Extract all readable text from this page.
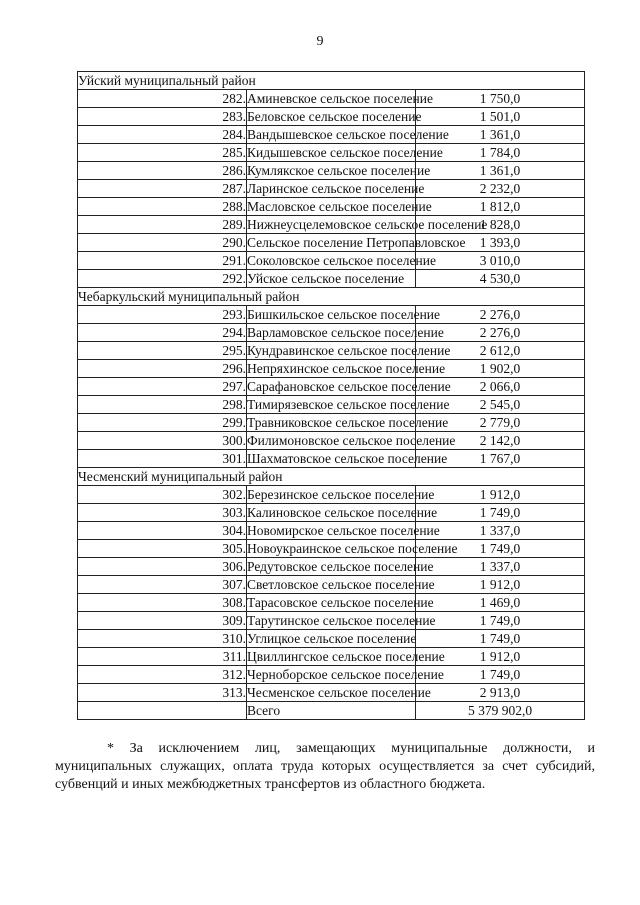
9
Уйский муниципальный район		
282.	Аминевское сельское поселение	1 750,0
283.	Беловское сельское поселение	1 501,0
284.	Вандышевское сельское поселение	1 361,0
285.	Кидышевское сельское поселение	1 784,0
286.	Кумлякское сельское поселение	1 361,0
287.	Ларинское сельское поселение	2 232,0
288.	Масловское сельское поселение	1 812,0
289.	Нижнеусцелемовское сельское поселение	1 828,0
290.	Сельское поселение Петропавловское	1 393,0
291.	Соколовское сельское поселение	3 010,0
292.	Уйское сельское поселение	4 530,0
Чебаркульский муниципальный район		
293.	Бишкильское сельское поселение	2 276,0
294.	Варламовское сельское поселение	2 276,0
295.	Кундравинское сельское поселение	2 612,0
296.	Непряхинское сельское поселение	1 902,0
297.	Сарафановское сельское поселение	2 066,0
298.	Тимирязевское сельское поселение	2 545,0
299.	Травниковское сельское поселение	2 779,0
300.	Филимоновское сельское поселение	2 142,0
301.	Шахматовское сельское поселение	1 767,0
Чесменский муниципальный район		
302.	Березинское сельское поселение	1 912,0
303.	Калиновское сельское поселение	1 749,0
304.	Новомирское сельское поселение	1 337,0
305.	Новоукраинское сельское поселение	1 749,0
306.	Редутовское сельское поселение	1 337,0
307.	Светловское сельское поселение	1 912,0
308.	Тарасовское сельское поселение	1 469,0
309.	Тарутинское сельское поселение	1 749,0
310.	Углицкое сельское поселение	1 749,0
311.	Цвиллингское сельское поселение	1 912,0
312.	Черноборское сельское поселение	1 749,0
313.	Чесменское сельское поселение	2 913,0
	Всего	5 379 902,0
* За исключением лиц, замещающих муниципальные должности, и муниципальных служащих, оплата труда которых осуществляется за счет субсидий, субвенций и иных межбюджетных трансфертов из областного бюджета.
